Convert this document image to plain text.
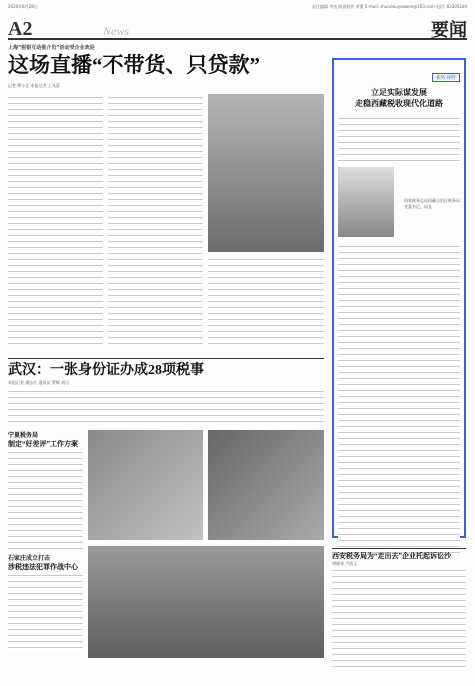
2020年8月28日	责任编辑 李伍 版面制作 黄蕾 E-mail: shuixiwuyaowen@163.com 电话: 83305104
A2	News	要闻
上海“税银互动推介员”活动受企业欢迎
这场直播“不带货、只贷款”
记者 缪小艺 本报记者 王凤蒙
武汉：一张身份证办成28项税事
本报记者 潘沁红 通讯员 罗辉 胡可
宁夏税务局
制定“好差评”工作方案
石家庄成立打击
涉税违法犯罪作战中心
税收视野
立足实际谋发展
走稳西藏税收现代化道路
国家税务总局西藏自治区税务局党委书记、局长
西安税务局为“走出去”企业托起诉讼沙
胡晓琴 卢凯玉
